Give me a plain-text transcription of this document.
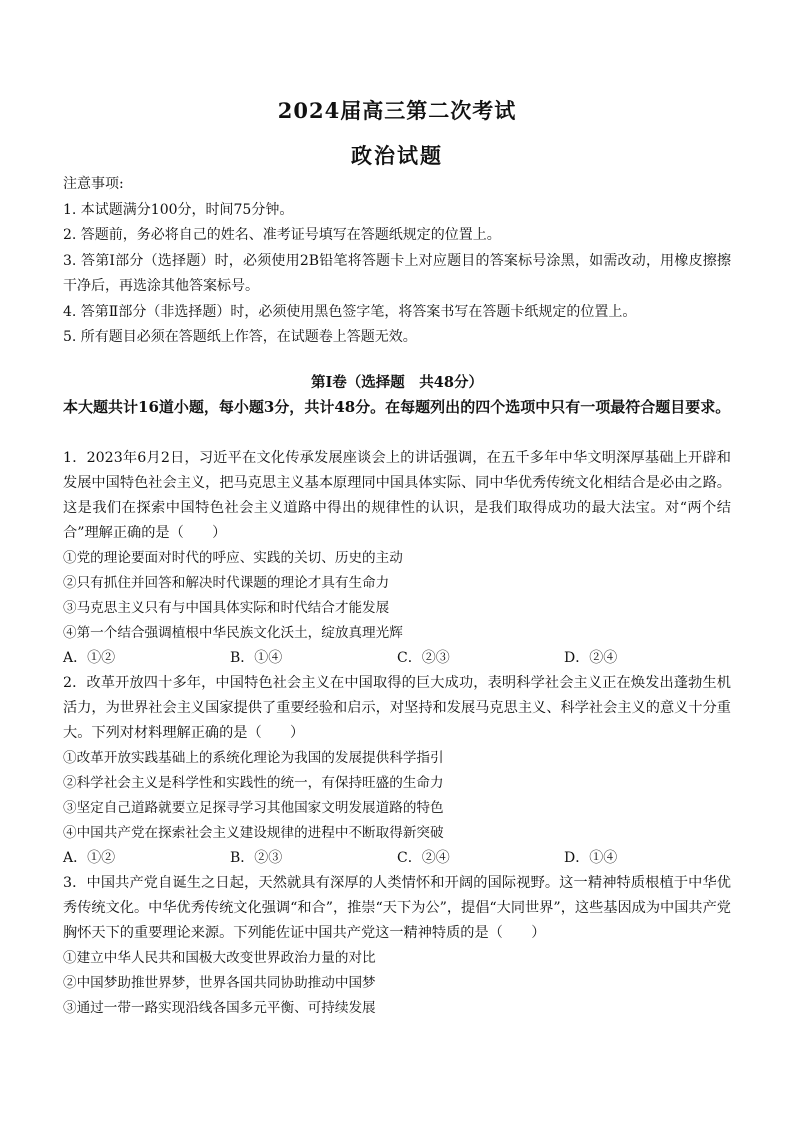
2024届高三第二次考试
政治试题
注意事项:
1. 本试题满分100分，时间75分钟。
2. 答题前，务必将自己的姓名、准考证号填写在答题纸规定的位置上。
3. 答第Ⅰ部分（选择题）时，必须使用2B铅笔将答题卡上对应题目的答案标号涂黑，如需改动，用橡皮擦擦干净后，再选涂其他答案标号。
4. 答第Ⅱ部分（非选择题）时，必须使用黑色签字笔，将答案书写在答题卡纸规定的位置上。
5. 所有题目必须在答题纸上作答，在试题卷上答题无效。
第Ⅰ卷（选择题　共48分）
本大题共计16道小题，每小题3分，共计48分。在每题列出的四个选项中只有一项最符合题目要求。
1．2023年6月2日，习近平在文化传承发展座谈会上的讲话强调，在五千多年中华文明深厚基础上开辟和发展中国特色社会主义，把马克思主义基本原理同中国具体实际、同中华优秀传统文化相结合是必由之路。这是我们在探索中国特色社会主义道路中得出的规律性的认识，是我们取得成功的最大法宝。对“两个结合”理解正确的是（　　）
①党的理论要面对时代的呼应、实践的关切、历史的主动
②只有抓住并回答和解决时代课题的理论才具有生命力
③马克思主义只有与中国具体实际和时代结合才能发展
④第一个结合强调植根中华民族文化沃土，绽放真理光辉
A．①②	B．①④	C．②③	D．②④
2．改革开放四十多年，中国特色社会主义在中国取得的巨大成功，表明科学社会主义正在焕发出蓬勃生机活力，为世界社会主义国家提供了重要经验和启示，对坚持和发展马克思主义、科学社会主义的意义十分重大。下列对材料理解正确的是（　　）
①改革开放实践基础上的系统化理论为我国的发展提供科学指引
②科学社会主义是科学性和实践性的统一，有保持旺盛的生命力
③坚定自己道路就要立足探寻学习其他国家文明发展道路的特色
④中国共产党在探索社会主义建设规律的进程中不断取得新突破
A．①②	B．②③	C．②④	D．①④
3．中国共产党自诞生之日起，天然就具有深厚的人类情怀和开阔的国际视野。这一精神特质根植于中华优秀传统文化。中华优秀传统文化强调“和合”，推崇“天下为公”，提倡“大同世界”，这些基因成为中国共产党胸怀天下的重要理论来源。下列能佐证中国共产党这一精神特质的是（　　）
①建立中华人民共和国极大改变世界政治力量的对比
②中国梦助推世界梦，世界各国共同协助推动中国梦
③通过一带一路实现沿线各国多元平衡、可持续发展
